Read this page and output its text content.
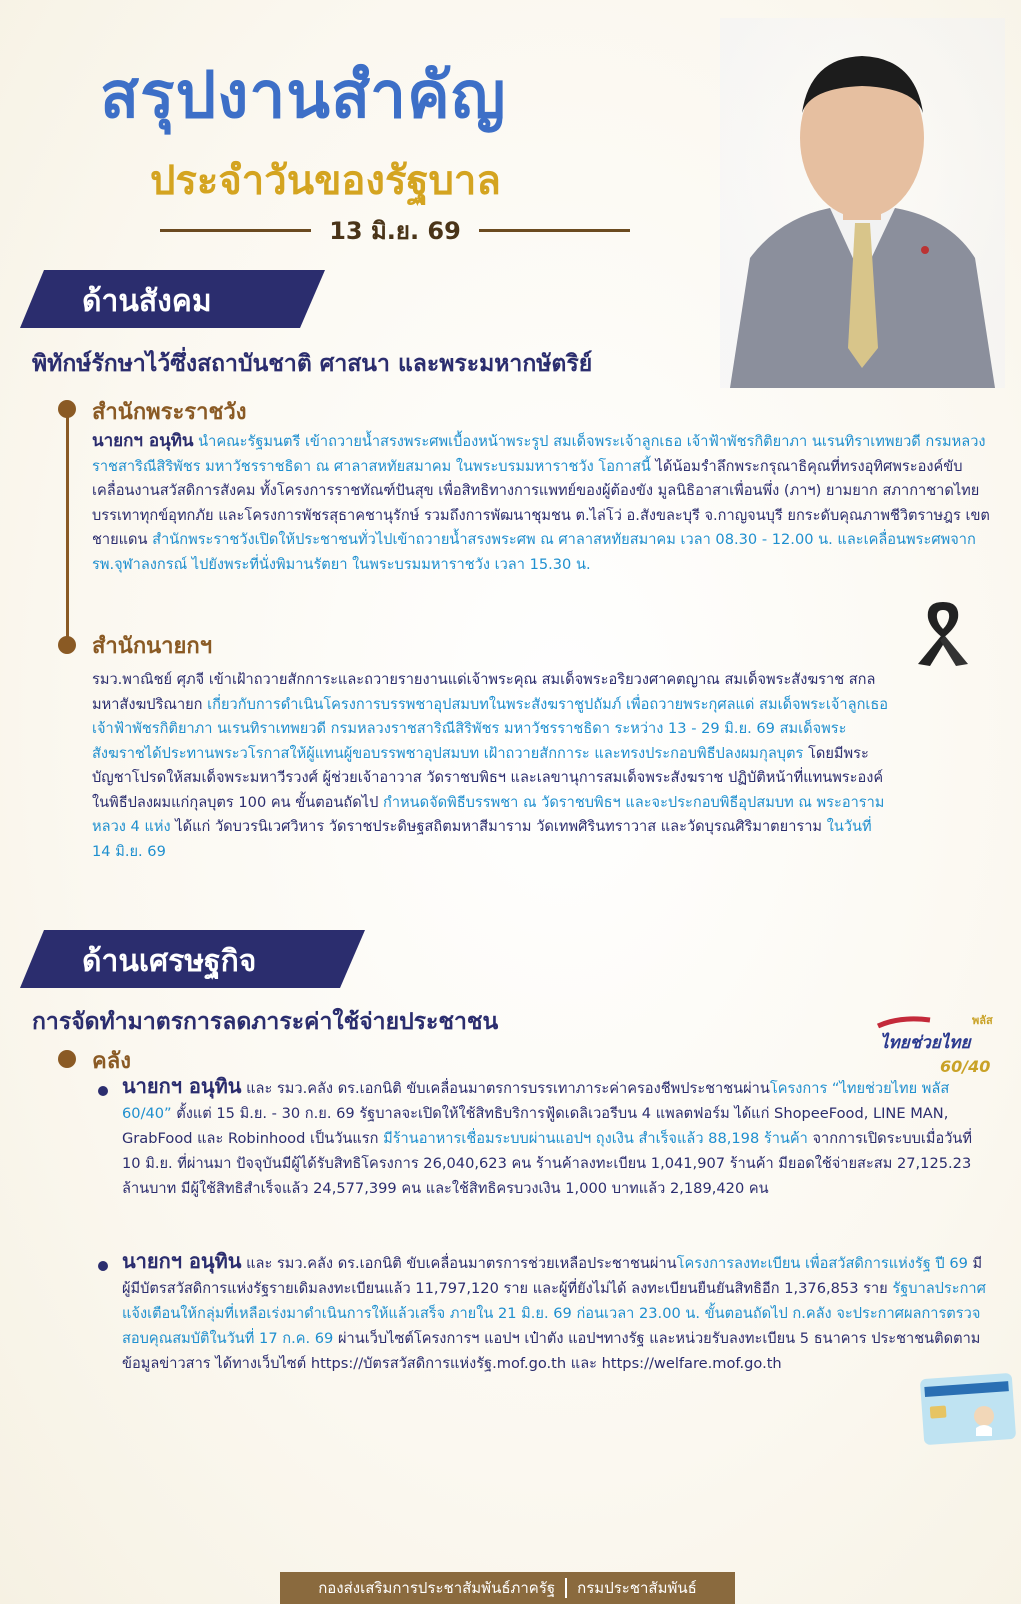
สรุปงานสำคัญ
ประจำวันของรัฐบาล
13 มิ.ย. 69
ด้านสังคม
พิทักษ์รักษาไว้ซึ่งสถาบันชาติ ศาสนา และพระมหากษัตริย์
สำนักพระราชวัง
นายกฯ อนุทิน นำคณะรัฐมนตรี เข้าถวายน้ำสรงพระศพเบื้องหน้าพระรูป สมเด็จพระเจ้าลูกเธอ เจ้าฟ้าพัชรกิติยาภา นเรนทิราเทพยวดี กรมหลวงราชสาริณีสิริพัชร มหาวัชรราชธิดา ณ ศาลาสหทัยสมาคม ในพระบรมมหาราชวัง โอกาสนี้ ได้น้อมรำลึกพระกรุณาธิคุณที่ทรงอุทิศพระองค์ขับเคลื่อนงานสวัสดิการสังคม ทั้งโครงการราชทัณฑ์ปันสุข เพื่อสิทธิทางการแพทย์ของผู้ต้องขัง มูลนิธิอาสาเพื่อนพึ่ง (ภาฯ) ยามยาก สภากาชาดไทย บรรเทาทุกข์อุทกภัย และโครงการพัชรสุธาคชานุรักษ์ รวมถึงการพัฒนาชุมชน ต.ไล่โว่ อ.สังขละบุรี จ.กาญจนบุรี ยกระดับคุณภาพชีวิตราษฎร เขตชายแดน สำนักพระราชวังเปิดให้ประชาชนทั่วไปเข้าถวายน้ำสรงพระศพ ณ ศาลาสหทัยสมาคม เวลา 08.30 - 12.00 น. และเคลื่อนพระศพจาก รพ.จุฬาลงกรณ์ ไปยังพระที่นั่งพิมานรัตยา ในพระบรมมหาราชวัง เวลา 15.30 น.
สำนักนายกฯ
รมว.พาณิชย์ ศุภจี เข้าเฝ้าถวายสักการะและถวายรายงานแด่เจ้าพระคุณ สมเด็จพระอริยวงศาคตญาณ สมเด็จพระสังฆราช สกลมหาสังฆปริณายก เกี่ยวกับการดำเนินโครงการบรรพชาอุปสมบทในพระสังฆราชูปถัมภ์ เพื่อถวายพระกุศลแด่ สมเด็จพระเจ้าลูกเธอ เจ้าฟ้าพัชรกิติยาภา นเรนทิราเทพยวดี กรมหลวงราชสาริณีสิริพัชร มหาวัชรราชธิดา ระหว่าง 13 - 29 มิ.ย. 69 สมเด็จพระสังฆราชได้ประทานพระวโรกาสให้ผู้แทนผู้ขอบรรพชาอุปสมบท เฝ้าถวายสักการะ และทรงประกอบพิธีปลงผมกุลบุตร โดยมีพระบัญชาโปรดให้สมเด็จพระมหาวีรวงศ์ ผู้ช่วยเจ้าอาวาส วัดราชบพิธฯ และเลขานุการสมเด็จพระสังฆราช ปฏิบัติหน้าที่แทนพระองค์ในพิธีปลงผมแก่กุลบุตร 100 คน ขั้นตอนถัดไป กำหนดจัดพิธีบรรพชา ณ วัดราชบพิธฯ และจะประกอบพิธีอุปสมบท ณ พระอารามหลวง 4 แห่ง ได้แก่ วัดบวรนิเวศวิหาร วัดราชประดิษฐสถิตมหาสีมาราม วัดเทพศิรินทราวาส และวัดบุรณศิริมาตยาราม ในวันที่ 14 มิ.ย. 69
ด้านเศรษฐกิจ
การจัดทำมาตรการลดภาระค่าใช้จ่ายประชาชน
คลัง
ไทยช่วยไทย
พลัส
60/40
นายกฯ อนุทิน และ รมว.คลัง ดร.เอกนิติ ขับเคลื่อนมาตรการบรรเทาภาระค่าครองชีพประชาชนผ่านโครงการ “ไทยช่วยไทย พลัส 60/40” ตั้งแต่ 15 มิ.ย. - 30 ก.ย. 69 รัฐบาลจะเปิดให้ใช้สิทธิบริการฟู้ดเดลิเวอรีบน 4 แพลตฟอร์ม ได้แก่ ShopeeFood, LINE MAN, GrabFood และ Robinhood เป็นวันแรก มีร้านอาหารเชื่อมระบบผ่านแอปฯ ถุงเงิน สำเร็จแล้ว 88,198 ร้านค้า จากการเปิดระบบเมื่อวันที่ 10 มิ.ย. ที่ผ่านมา ปัจจุบันมีผู้ได้รับสิทธิโครงการ 26,040,623 คน ร้านค้าลงทะเบียน 1,041,907 ร้านค้า มียอดใช้จ่ายสะสม 27,125.23 ล้านบาท มีผู้ใช้สิทธิสำเร็จแล้ว 24,577,399 คน และใช้สิทธิครบวงเงิน 1,000 บาทแล้ว 2,189,420 คน
นายกฯ อนุทิน และ รมว.คลัง ดร.เอกนิติ ขับเคลื่อนมาตรการช่วยเหลือประชาชนผ่านโครงการลงทะเบียน เพื่อสวัสดิการแห่งรัฐ ปี 69 มีผู้มีบัตรสวัสดิการแห่งรัฐรายเดิมลงทะเบียนแล้ว 11,797,120 ราย และผู้ที่ยังไม่ได้ ลงทะเบียนยืนยันสิทธิอีก 1,376,853 ราย รัฐบาลประกาศแจ้งเตือนให้กลุ่มที่เหลือเร่งมาดำเนินการให้แล้วเสร็จ ภายใน 21 มิ.ย. 69 ก่อนเวลา 23.00 น. ขั้นตอนถัดไป ก.คลัง จะประกาศผลการตรวจสอบคุณสมบัติในวันที่ 17 ก.ค. 69 ผ่านเว็บไซต์โครงการฯ แอปฯ เป๋าตัง แอปฯทางรัฐ และหน่วยรับลงทะเบียน 5 ธนาคาร ประชาชนติดตามข้อมูลข่าวสาร ได้ทางเว็บไซต์ https://บัตรสวัสดิการแห่งรัฐ.mof.go.th และ https://welfare.mof.go.th
กองส่งเสริมการประชาสัมพันธ์ภาครัฐ กรมประชาสัมพันธ์
